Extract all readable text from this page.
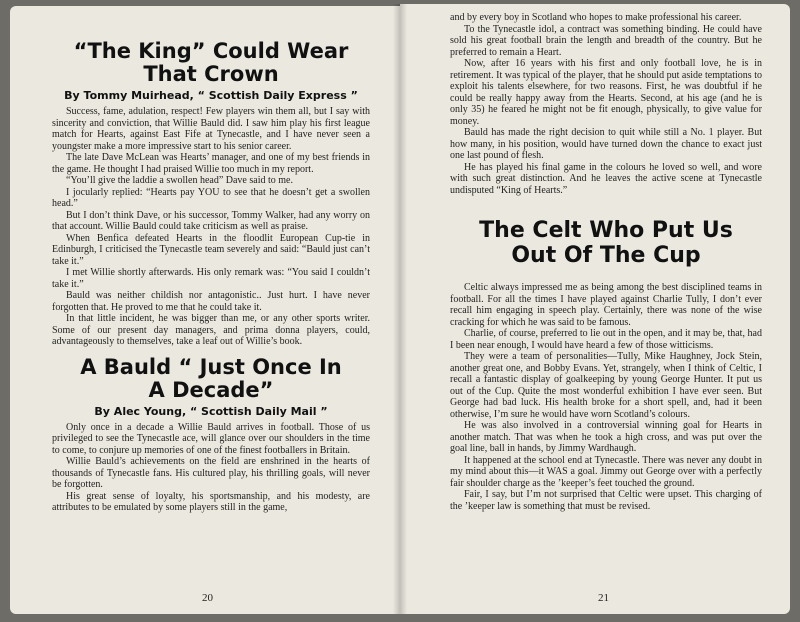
“The King” Could Wear
That Crown
By Tommy Muirhead, “ Scottish Daily Express ”

Success, fame, adulation, respect! Few players win them all, but I say with sincerity and conviction, that Willie Bauld did. I saw him play his first league match for Hearts, against East Fife at Tynecastle, and I have never seen a youngster make a more impressive start to his senior career.

The late Dave McLean was Hearts’ manager, and one of my best friends in the game. He thought I had praised Willie too much in my report.

“You’ll give the laddie a swollen head” Dave said to me.

I jocularly replied: “Hearts pay YOU to see that he doesn’t get a swollen head.”

But I don’t think Dave, or his successor, Tommy Walker, had any worry on that account. Willie Bauld could take criticism as well as praise.

When Benfica defeated Hearts in the floodlit European Cup-tie in Edinburgh, I criticised the Tynecastle team severely and said: “Bauld just can’t take it.”

I met Willie shortly afterwards. His only remark was: “You said I couldn’t take it.”

Bauld was neither childish nor antagonistic.. Just hurt. I have never forgotten that. He proved to me that he could take it.

In that little incident, he was bigger than me, or any other sports writer. Some of our present day managers, and prima donna players, could, advantageously to themselves, take a leaf out of Willie’s book.

A Bauld “ Just Once In
A Decade”
By Alec Young, “ Scottish Daily Mail ”

Only once in a decade a Willie Bauld arrives in football. Those of us privileged to see the Tynecastle ace, will glance over our shoulders in the time to come, to conjure up memories of one of the finest footballers in Britain.

Willie Bauld’s achievements on the field are enshrined in the hearts of thousands of Tynecastle fans. His cultured play, his thrilling goals, will never be forgotten.

His great sense of loyalty, his sportsmanship, and his modesty, are attributes to be emulated by some players still in the game,

20

and by every boy in Scotland who hopes to make professional his career.

To the Tynecastle idol, a contract was something binding. He could have sold his great football brain the length and breadth of the country. But he preferred to remain a Heart.

Now, after 16 years with his first and only football love, he is in retirement. It was typical of the player, that he should put aside temptations to exploit his talents elsewhere, for two reasons. First, he was doubtful if he could be really happy away from the Hearts. Second, at his age (and he is only 35) he feared he might not be fit enough, physically, to give value for money.

Bauld has made the right decision to quit while still a No. 1 player. But how many, in his position, would have turned down the chance to exact just one last pound of flesh.

He has played his final game in the colours he loved so well, and wore with such great distinction. And he leaves the active scene at Tynecastle undisputed “King of Hearts.”

The Celt Who Put Us
Out Of The Cup

Celtic always impressed me as being among the best disciplined teams in football. For all the times I have played against Charlie Tully, I don’t ever recall him engaging in speech play. Certainly, there was none of the wise cracking for which he was said to be famous.

Charlie, of course, preferred to lie out in the open, and it may be, that, had I been near enough, I would have heard a few of those witticisms.

They were a team of personalities—Tully, Mike Haughney, Jock Stein, another great one, and Bobby Evans. Yet, strangely, when I think of Celtic, I recall a fantastic display of goalkeeping by young George Hunter. It put us out of the Cup. Quite the most wonderful exhibition I have ever seen. But George had bad luck. His health broke for a short spell, and, had it been otherwise, I’m sure he would have worn Scotland’s colours.

He was also involved in a controversial winning goal for Hearts in another match. That was when he took a high cross, and was put over the goal line, ball in hands, by Jimmy Wardhaugh.

It happened at the school end at Tynecastle. There was never any doubt in my mind about this—it WAS a goal. Jimmy out George over with a perfectly fair shoulder charge as the ’keeper’s feet touched the ground.

Fair, I say, but I’m not surprised that Celtic were upset. This charging of the ’keeper law is something that must be revised.

21
